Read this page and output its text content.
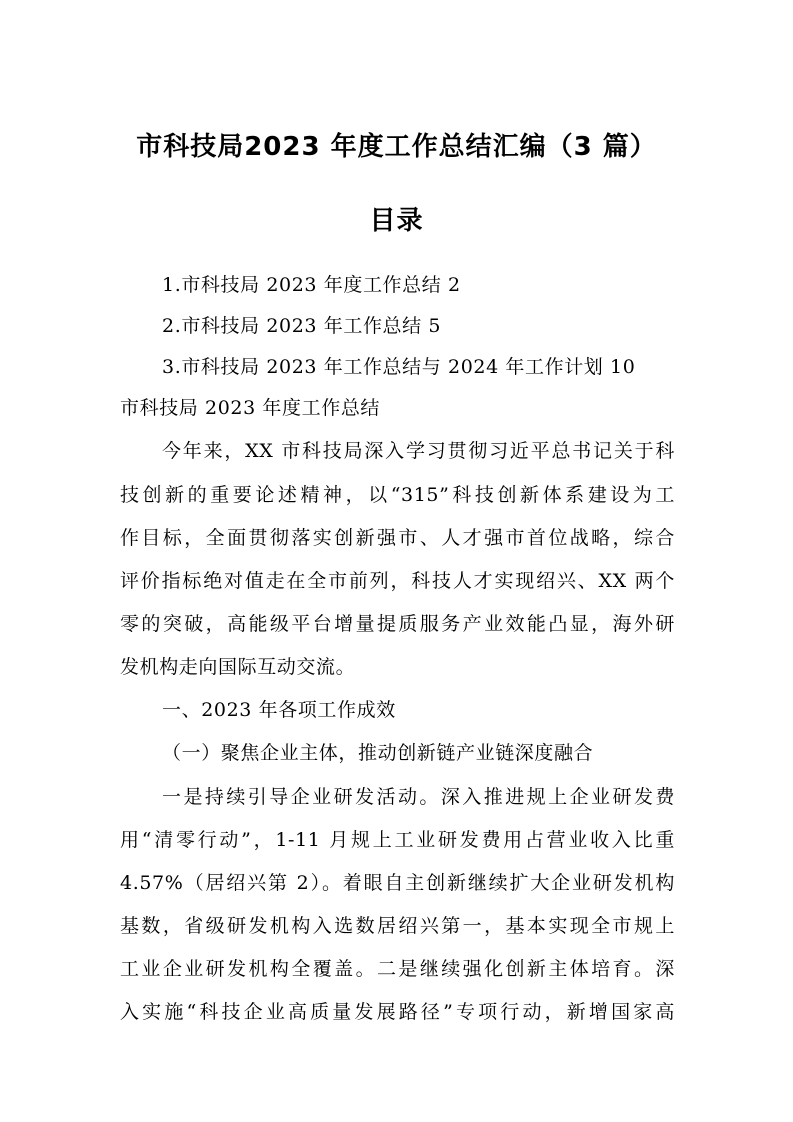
市科技局2023 年度工作总结汇编（3 篇）
目录
1.市科技局 2023 年度工作总结 2
2.市科技局 2023 年工作总结 5
3.市科技局 2023 年工作总结与 2024 年工作计划 10
市科技局 2023 年度工作总结
今年来，XX 市科技局深入学习贯彻习近平总书记关于科
技创新的重要论述精神，以“315”科技创新体系建设为工
作目标，全面贯彻落实创新强市、人才强市首位战略，综合
评价指标绝对值走在全市前列，科技人才实现绍兴、XX 两个
零的突破，高能级平台增量提质服务产业效能凸显，海外研
发机构走向国际互动交流。
一、2023 年各项工作成效
（一）聚焦企业主体，推动创新链产业链深度融合
一是持续引导企业研发活动。深入推进规上企业研发费
用“清零行动”，1-11 月规上工业研发费用占营业收入比重
4.57%（居绍兴第 2）。着眼自主创新继续扩大企业研发机构
基数，省级研发机构入选数居绍兴第一，基本实现全市规上
工业企业研发机构全覆盖。二是继续强化创新主体培育。深
入实施“科技企业高质量发展路径”专项行动，新增国家高
